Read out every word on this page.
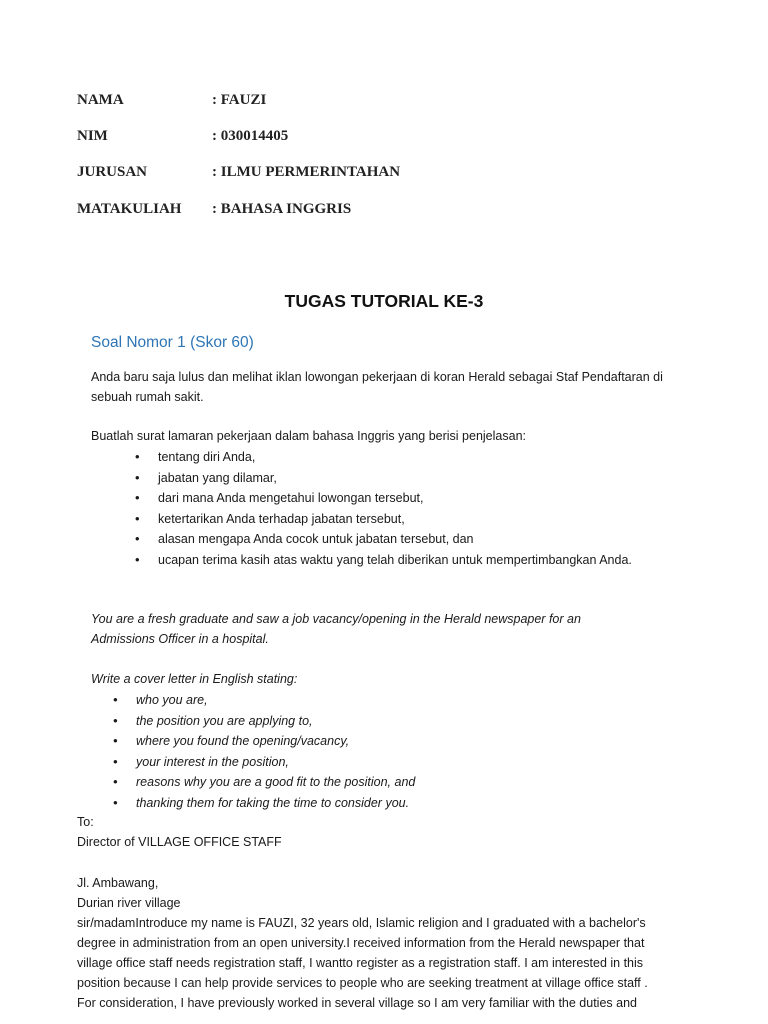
NAMA	: FAUZI
NIM	: 030014405
JURUSAN	: ILMU PERMERINTAHAN
MATAKULIAH : BAHASA INGGRIS
TUGAS TUTORIAL KE-3
Soal Nomor 1 (Skor 60)
Anda baru saja lulus dan melihat iklan lowongan pekerjaan di koran Herald sebagai Staf Pendaftaran di
sebuah rumah sakit.
Buatlah surat lamaran pekerjaan dalam bahasa Inggris yang berisi penjelasan:
• tentang diri Anda,
• jabatan yang dilamar,
• dari mana Anda mengetahui lowongan tersebut,
• ketertarikan Anda terhadap jabatan tersebut,
• alasan mengapa Anda cocok untuk jabatan tersebut, dan
• ucapan terima kasih atas waktu yang telah diberikan untuk mempertimbangkan Anda.
You are a fresh graduate and saw a job vacancy/opening in the Herald newspaper for an
Admissions Officer in a hospital.
Write a cover letter in English stating:
• who you are,
• the position you are applying to,
• where you found the opening/vacancy,
• your interest in the position,
• reasons why you are a good fit to the position, and
• thanking them for taking the time to consider you.
To:
Director of VILLAGE OFFICE STAFF
Jl. Ambawang,
Durian river village
sir/madamIntroduce my name is FAUZI, 32 years old, Islamic religion and I graduated with a bachelor's
degree in administration from an open university.I received information from the Herald newspaper that
village office staff needs registration staff, I wantto register as a registration staff. I am interested in this
position because I can help provide services to people who are seeking treatment at village office staff .
For consideration, I have previously worked in several village so I am very familiar with the duties and
